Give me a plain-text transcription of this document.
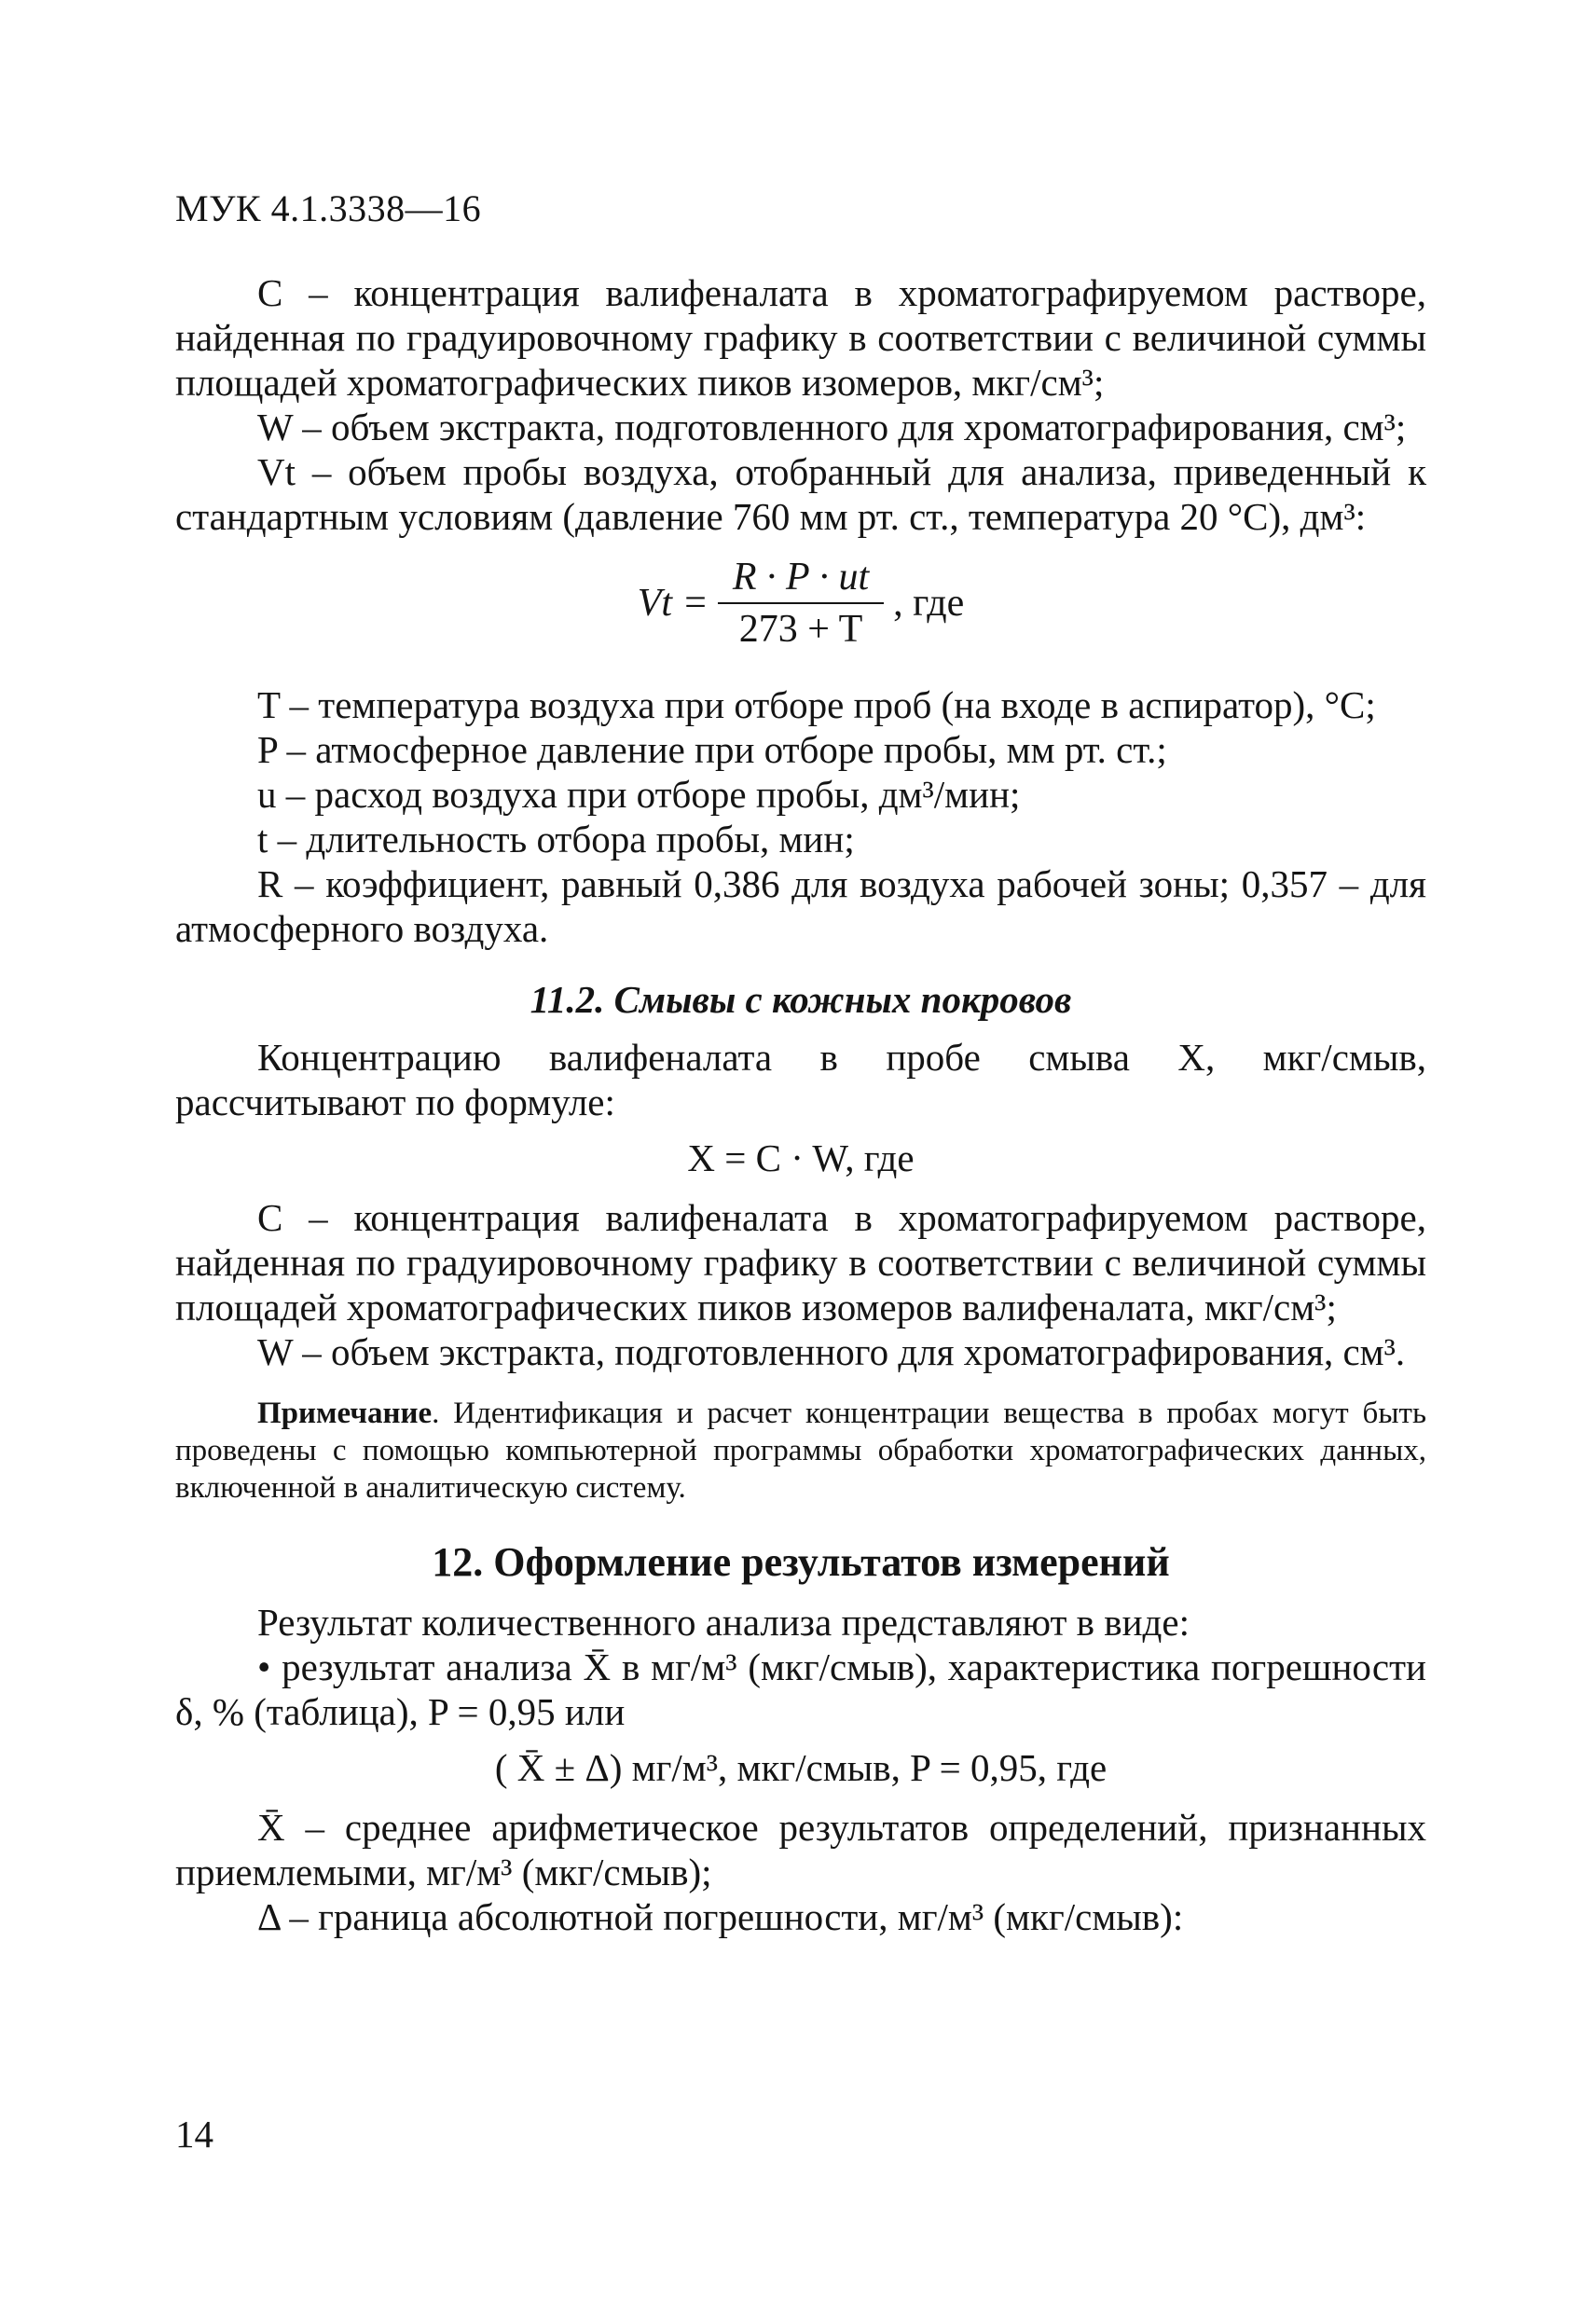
МУК 4.1.3338—16

C – концентрация валифеналата в хроматографируемом растворе, найденная по градуировочному графику в соответствии с величиной суммы площадей хроматографических пиков изомеров, мкг/см³;

W – объем экстракта, подготовленного для хроматографирования, см³;

Vt – объем пробы воздуха, отобранный для анализа, приведенный к стандартным условиям (давление 760 мм рт. ст., температура 20 °С), дм³:

$Vt = \frac{R \cdot P \cdot ut}{273 + T}$ , где

T – температура воздуха при отборе проб (на входе в аспиратор), °С;

P – атмосферное давление при отборе пробы, мм рт. ст.;

u – расход воздуха при отборе пробы, дм³/мин;

t – длительность отбора пробы, мин;

R – коэффициент, равный 0,386 для воздуха рабочей зоны; 0,357 – для атмосферного воздуха.

11.2. Смывы с кожных покровов

Концентрацию валифеналата в пробе смыва X, мкг/смыв, рассчитывают по формуле:

X = C · W, где

C – концентрация валифеналата в хроматографируемом растворе, найденная по градуировочному графику в соответствии с величиной суммы площадей хроматографических пиков изомеров валифеналата, мкг/см³;

W – объем экстракта, подготовленного для хроматографирования, см³.

Примечание. Идентификация и расчет концентрации вещества в пробах могут быть проведены с помощью компьютерной программы обработки хроматографических данных, включенной в аналитическую систему.

12. Оформление результатов измерений

Результат количественного анализа представляют в виде:

• результат анализа X̄ в мг/м³ (мкг/смыв), характеристика погрешности δ, % (таблица), P = 0,95 или

( X̄ ± Δ) мг/м³, мкг/смыв, P = 0,95, где

X̄ – среднее арифметическое результатов определений, признанных приемлемыми, мг/м³ (мкг/смыв);

Δ – граница абсолютной погрешности, мг/м³ (мкг/смыв):

14
